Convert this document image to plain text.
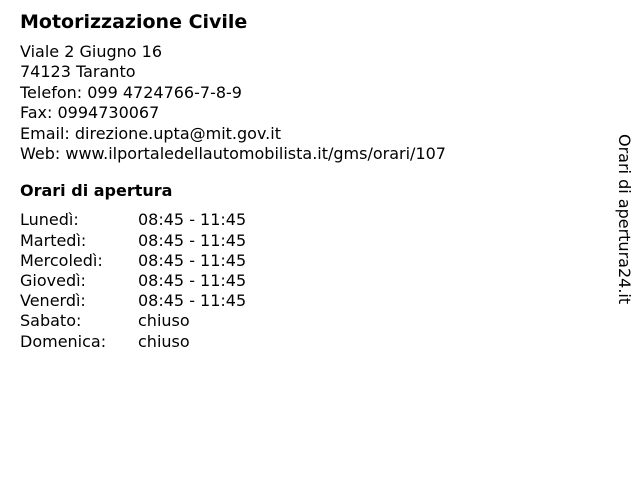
Motorizzazione Civile
Viale 2 Giugno 16
74123 Taranto
Telefon: 099 4724766-7-8-9
Fax: 0994730067
Email: direzione.upta@mit.gov.it
Web: www.ilportaledellautomobilista.it/gms/orari/107
Orari di apertura
Lunedì:	08:45 - 11:45
Martedì:	08:45 - 11:45
Mercoledì:	08:45 - 11:45
Giovedì:	08:45 - 11:45
Venerdì:	08:45 - 11:45
Sabato:	chiuso
Domenica:	chiuso
Orari di apertura24.it
